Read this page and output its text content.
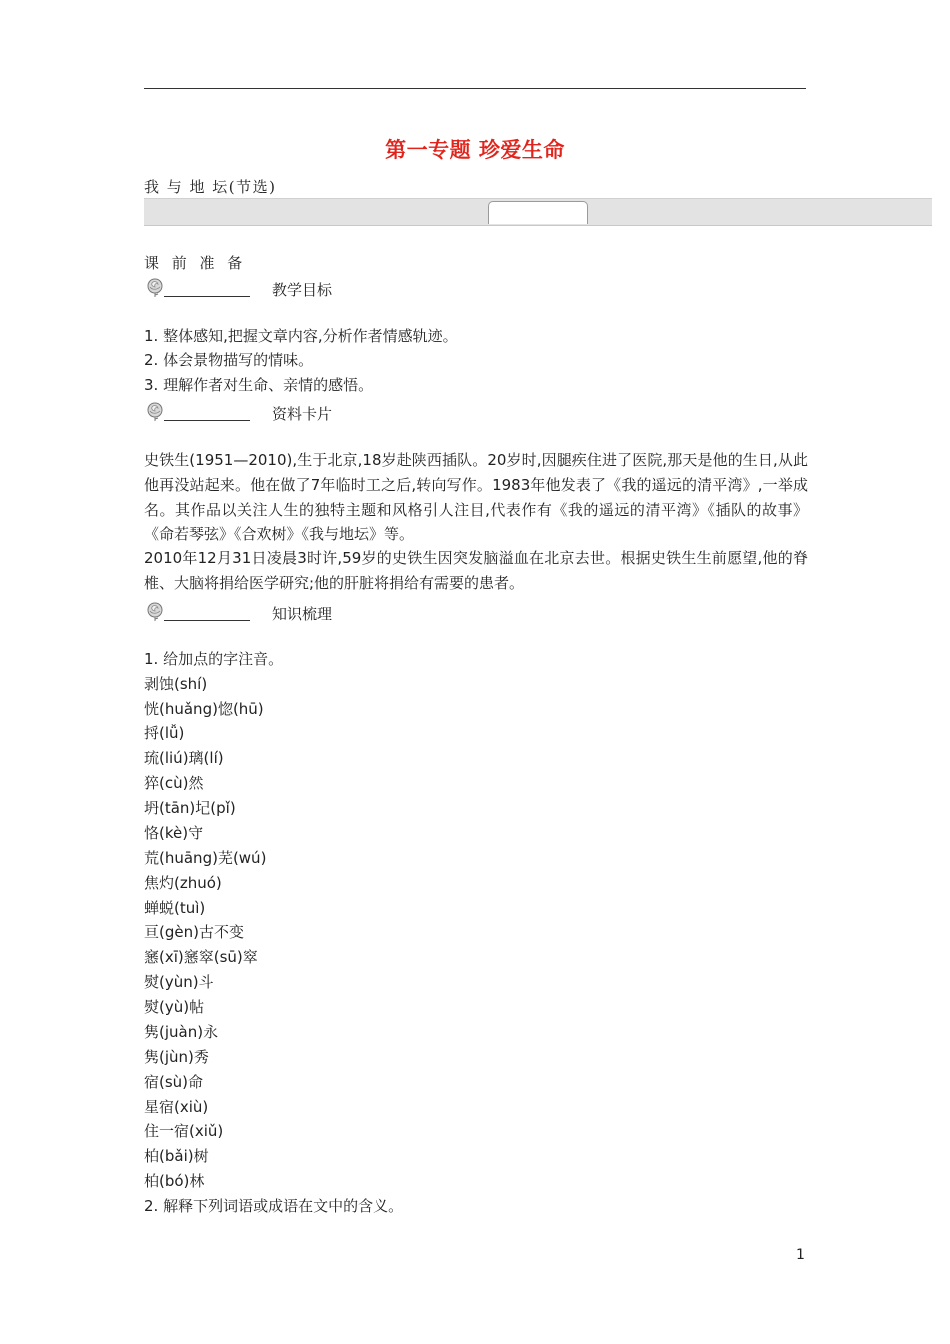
第一专题 珍爱生命
我 与 地 坛(节选)
课 前 准 备
教学目标
1. 整体感知,把握文章内容,分析作者情感轨迹。
2. 体会景物描写的情味。
3. 理解作者对生命、亲情的感悟。
资料卡片
史铁生(1951—2010),生于北京,18岁赴陕西插队。20岁时,因腿疾住进了医院,那天是他的生日,从此他再没站起来。他在做了7年临时工之后,转向写作。1983年他发表了《我的遥远的清平湾》,一举成名。其作品以关注人生的独特主题和风格引人注目,代表作有《我的遥远的清平湾》《插队的故事》《命若琴弦》《合欢树》《我与地坛》等。
2010年12月31日凌晨3时许,59岁的史铁生因突发脑溢血在北京去世。根据史铁生生前愿望,他的脊椎、大脑将捐给医学研究;他的肝脏将捐给有需要的患者。
知识梳理
1. 给加点的字注音。
剥蚀(shí)
恍(huǎng)惚(hū)
捋(lǚ)
琉(liú)璃(lí)
猝(cù)然
坍(tān)圮(pǐ)
恪(kè)守
荒(huāng)芜(wú)
焦灼(zhuó)
蝉蜕(tuì)
亘(gèn)古不变
窸(xī)窸窣(sū)窣
熨(yùn)斗
熨(yù)帖
隽(juàn)永
隽(jùn)秀
宿(sù)命
星宿(xiù)
住一宿(xiǔ)
柏(bǎi)树
柏(bó)林
2. 解释下列词语或成语在文中的含义。
1
